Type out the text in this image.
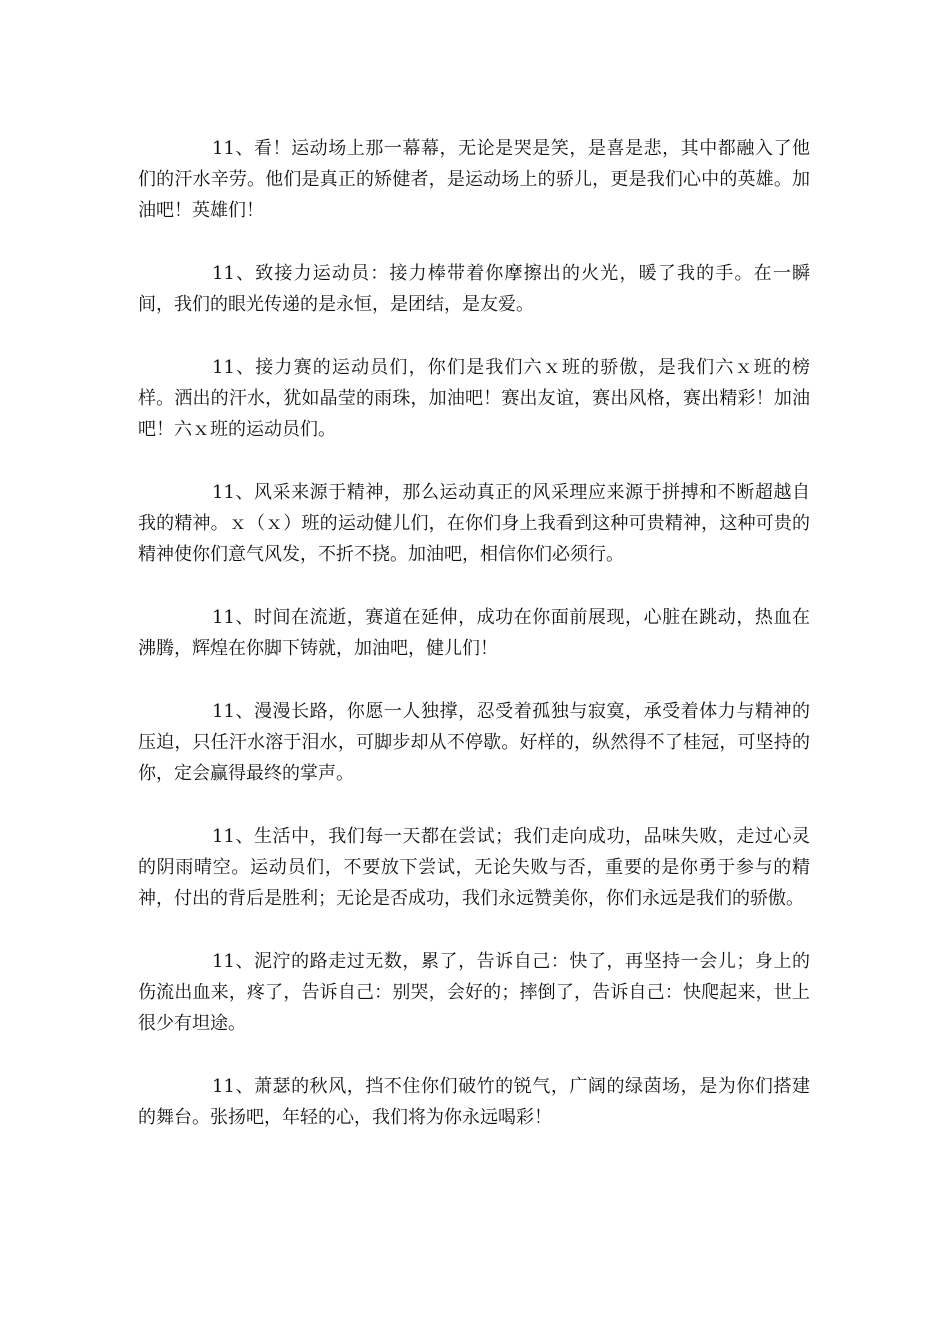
11、看！运动场上那一幕幕，无论是哭是笑，是喜是悲，其中都融入了他们的汗水辛劳。他们是真正的矫健者，是运动场上的骄儿，更是我们心中的英雄。加油吧！英雄们！

11、致接力运动员：接力棒带着你摩擦出的火光，暖了我的手。在一瞬间，我们的眼光传递的是永恒，是团结，是友爱。

11、接力赛的运动员们，你们是我们六ｘ班的骄傲，是我们六ｘ班的榜样。洒出的汗水，犹如晶莹的雨珠，加油吧！赛出友谊，赛出风格，赛出精彩！加油吧！六ｘ班的运动员们。

11、风采来源于精神，那么运动真正的风采理应来源于拼搏和不断超越自我的精神。ｘ（ｘ）班的运动健儿们，在你们身上我看到这种可贵精神，这种可贵的精神使你们意气风发，不折不挠。加油吧，相信你们必须行。

11、时间在流逝，赛道在延伸，成功在你面前展现，心脏在跳动，热血在沸腾，辉煌在你脚下铸就，加油吧，健儿们！

11、漫漫长路，你愿一人独撑，忍受着孤独与寂寞，承受着体力与精神的压迫，只任汗水溶于泪水，可脚步却从不停歇。好样的，纵然得不了桂冠，可坚持的你，定会赢得最终的掌声。

11、生活中，我们每一天都在尝试；我们走向成功，品味失败，走过心灵的阴雨晴空。运动员们，不要放下尝试，无论失败与否，重要的是你勇于参与的精神，付出的背后是胜利；无论是否成功，我们永远赞美你，你们永远是我们的骄傲。

11、泥泞的路走过无数，累了，告诉自己：快了，再坚持一会儿；身上的伤流出血来，疼了，告诉自己：别哭，会好的；摔倒了，告诉自己：快爬起来，世上很少有坦途。

11、萧瑟的秋风，挡不住你们破竹的锐气，广阔的绿茵场，是为你们搭建的舞台。张扬吧，年轻的心，我们将为你永远喝彩！
